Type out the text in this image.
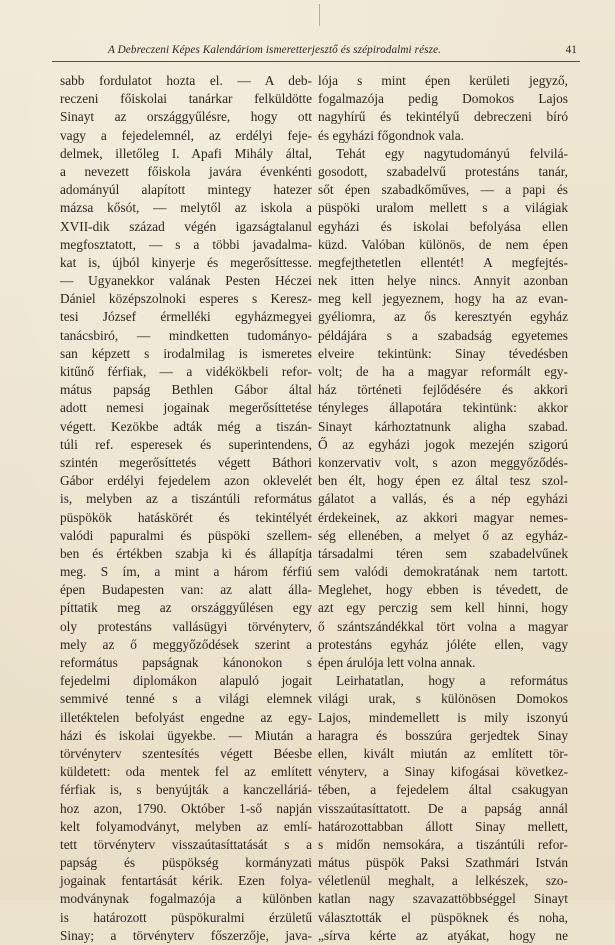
A Debreczeni Képes Kalendáriom ismeretterjesztő és szépirodalmi része.	41
sabb fordulatot hozta el. — A deb-
reczeni főiskolai tanárkar felküldötte
Sinayt az országgyűlésre, hogy ott
vagy a fejedelemnél, az erdélyi feje-
delmek, illetőleg I. Apafi Mihály által,
a nevezett főiskola javára évenkénti
adományúl alapított mintegy hatezer
mázsa kősót, — melytől az iskola a
XVII-dik század végén igazságtalanul
megfosztatott, — s a többi javadalma-
kat is, újból kinyerje és megerősíttesse.
— Ugyanekkor valának Pesten Héczei
Dániel középszolnoki esperes s Keresz-
tesi József érmelléki egyházmegyei
tanácsbiró, — mindketten tudományo-
san képzett s irodalmilag is ismeretes
kitűnő férfiak, — a vidékökbeli refor-
mátus papság Bethlen Gábor által
adott nemesi jogainak megerősíttetése
végett. Kezökbe adták még a tiszán-
túli ref. esperesek és superintendens,
szintén megerősíttetés végett Báthori
Gábor erdélyi fejedelem azon oklevelét
is, melyben az a tiszántúli református
püspökök hatáskörét és tekintélyét
valódi papuralmi és püspöki szellem-
ben és értékben szabja ki és állapítja
meg. S ím, a mint a három férfiú
épen Budapesten van: az alatt álla-
píttatik meg az országgyűlésen egy
oly protestáns vallásügyi törvényterv,
mely az ő meggyőződések szerint a
református papságnak kánonokon s
fejedelmi diplomákon alapuló jogait
semmivé tenné s a világi elemnek
illetéktelen befolyást engedne az egy-
házi és iskolai ügyekbe. — Miután a
törvényterv szentesítés végett Béesbe
küldetett: oda mentek fel az említett
férfiak is, s benyújták a kanczelláriá-
hoz azon, 1790. Október 1-ső napján
kelt folyamodványt, melyben az emlí-
tett törvényterv visszaútasíttatását s a
papság és püspökség kormányzati
jogainak fentartását kérik. Ezen folya-
modványnak fogalmazója a különben
is határozott püspökuralmi érzületű
Sinay; a törvényterv főszerzője, java-
lója s mint épen kerületi jegyző,
fogalmazója pedig Domokos Lajos
nagyhírű és tekintélyű debreczeni bíró
és egyházi főgondnok vala.
Tehát egy nagytudományú felvilá-
gosodott, szabadelvű protestáns tanár,
sőt épen szabadkőműves, — a papi és
püspöki uralom mellett s a világiak
egyházi és iskolai befolyása ellen
küzd. Valóban különös, de nem épen
megfejthetetlen ellentét! A megfejtés-
nek itten helye nincs. Annyit azonban
meg kell jegyeznem, hogy ha az evan-
gyéliomra, az ős keresztyén egyház
példájára s a szabadság egyetemes
elveire tekintünk: Sinay tévedésben
volt; de ha a magyar reformált egy-
ház történeti fejlődésére és akkori
tényleges állapotára tekintünk: akkor
Sinayt kárhoztatnunk aligha szabad.
Ő az egyházi jogok mezején szigorú
konzervativ volt, s azon meggyőződés-
ben élt, hogy épen ez által tesz szol-
gálatot a vallás, és a nép egyházi
érdekeinek, az akkori magyar nemes-
ség ellenében, a melyet ő az egyház-
társadalmi téren sem szabadelvűnek
sem valódi demokratának nem tartott.
Meglehet, hogy ebben is tévedett, de
azt egy perczig sem kell hinni, hogy
ő szántszándékkal tört volna a magyar
protestáns egyház jóléte ellen, vagy
épen árulója lett volna annak.
Leirhatatlan, hogy a református
világi urak, s különösen Domokos
Lajos, mindemellett is mily iszonyú
haragra és bosszúra gerjedtek Sinay
ellen, kivált miután az említett tör-
vényterv, a Sinay kifogásai következ-
tében, a fejedelem által csakugyan
visszaútasíttatott. De a papság annál
határozottabban állott Sinay mellett,
s midőn nemsokára, a tiszántúli refor-
mátus püspök Paksi Szathmári István
véletlenül meghalt, a lelkészek, szo-
katlan nagy szavazattöbbséggel Sinayt
választották el püspöknek és noha,
„sírva kérte az atyákat, hogy ne
